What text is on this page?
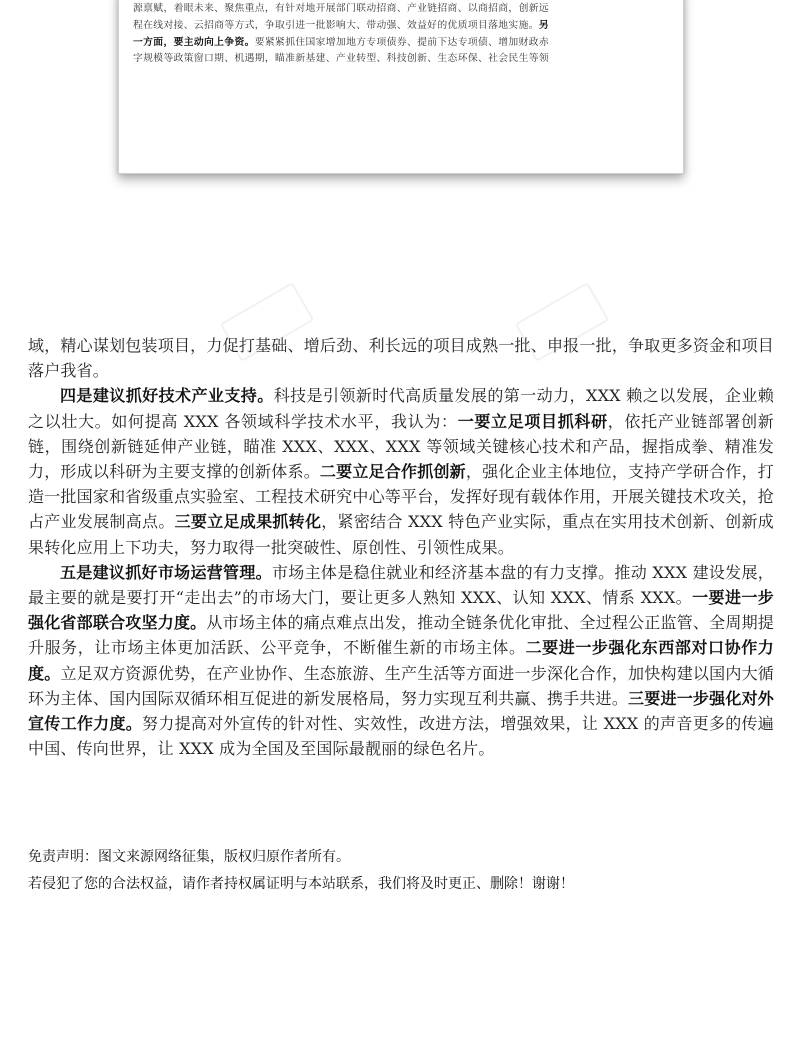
源禀赋，着眼未来、聚焦重点，有针对地开展部门联动招商、产业链招商、以商招商，创新远
程在线对接、云招商等方式，争取引进一批影响大、带动强、效益好的优质项目落地实施。另
一方面，要主动向上争资。要紧紧抓住国家增加地方专项债券、提前下达专项债、增加财政赤
字规模等政策窗口期、机遇期，瞄准新基建、产业转型、科技创新、生态环保、社会民生等领

域，精心谋划包装项目，力促打基础、增后劲、利长远的项目成熟一批、申报一批，争取更多资金和项目落户我省。

四是建议抓好技术产业支持。科技是引领新时代高质量发展的第一动力，XXX 赖之以发展，企业赖之以壮大。如何提高 XXX 各领域科学技术水平，我认为：一要立足项目抓科研，依托产业链部署创新链，围绕创新链延伸产业链，瞄准 XXX、XXX、XXX 等领域关键核心技术和产品，握指成拳、精准发力，形成以科研为主要支撑的创新体系。二要立足合作抓创新，强化企业主体地位，支持产学研合作，打造一批国家和省级重点实验室、工程技术研究中心等平台，发挥好现有载体作用，开展关键技术攻关，抢占产业发展制高点。三要立足成果抓转化，紧密结合 XXX 特色产业实际，重点在实用技术创新、创新成果转化应用上下功夫，努力取得一批突破性、原创性、引领性成果。

五是建议抓好市场运营管理。市场主体是稳住就业和经济基本盘的有力支撑。推动 XXX 建设发展，最主要的就是要打开“走出去”的市场大门，要让更多人熟知 XXX、认知 XXX、情系 XXX。一要进一步强化省部联合攻坚力度。从市场主体的痛点难点出发，推动全链条优化审批、全过程公正监管、全周期提升服务，让市场主体更加活跃、公平竞争，不断催生新的市场主体。二要进一步强化东西部对口协作力度。立足双方资源优势，在产业协作、生态旅游、生产生活等方面进一步深化合作，加快构建以国内大循环为主体、国内国际双循环相互促进的新发展格局，努力实现互利共赢、携手共进。三要进一步强化对外宣传工作力度。努力提高对外宣传的针对性、实效性，改进方法，增强效果，让 XXX 的声音更多的传遍中国、传向世界，让 XXX 成为全国及至国际最靓丽的绿色名片。

免责声明：图文来源网络征集，版权归原作者所有。
若侵犯了您的合法权益，请作者持权属证明与本站联系，我们将及时更正、删除！谢谢！
